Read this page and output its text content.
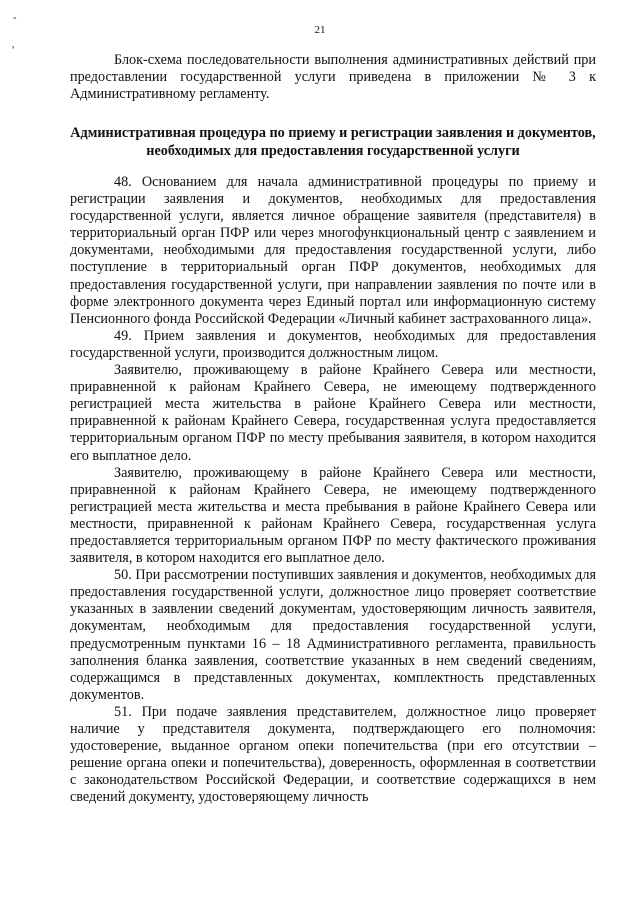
ˇ
‚
21
Блок-схема последовательности выполнения административных действий при предоставлении государственной услуги приведена в приложении № 3 к Административному регламенту.
Административная процедура по приему и регистрации заявления и документов, необходимых для предоставления государственной услуги

48. Основанием для начала административной процедуры по приему и регистрации заявления и документов, необходимых для предоставления государственной услуги, является личное обращение заявителя (представителя) в территориальный орган ПФР или через многофункциональный центр с заявлением и документами, необходимыми для предоставления государственной услуги, либо поступление в территориальный орган ПФР документов, необходимых для предоставления государственной услуги, при направлении заявления по почте или в форме электронного документа через Единый портал или информационную систему Пенсионного фонда Российской Федерации «Личный кабинет застрахованного лица».

49. Прием заявления и документов, необходимых для предоставления государственной услуги, производится должностным лицом.

Заявителю, проживающему в районе Крайнего Севера или местности, приравненной к районам Крайнего Севера, не имеющему подтвержденного регистрацией места жительства в районе Крайнего Севера или местности, приравненной к районам Крайнего Севера, государственная услуга предоставляется территориальным органом ПФР по месту пребывания заявителя, в котором находится его выплатное дело.

Заявителю, проживающему в районе Крайнего Севера или местности, приравненной к районам Крайнего Севера, не имеющему подтвержденного регистрацией места жительства и места пребывания в районе Крайнего Севера или местности, приравненной к районам Крайнего Севера, государственная услуга предоставляется территориальным органом ПФР по месту фактического проживания заявителя, в котором находится его выплатное дело.

50. При рассмотрении поступивших заявления и документов, необходимых для предоставления государственной услуги, должностное лицо проверяет соответствие указанных в заявлении сведений документам, удостоверяющим личность заявителя, документам, необходимым для предоставления государственной услуги, предусмотренным пунктами 16 – 18 Административного регламента, правильность заполнения бланка заявления, соответствие указанных в нем сведений сведениям, содержащимся в представленных документах, комплектность представленных документов.

51. При подаче заявления представителем, должностное лицо проверяет наличие у представителя документа, подтверждающего его полномочия: удостоверение, выданное органом опеки попечительства (при его отсутствии – решение органа опеки и попечительства), доверенность, оформленная в соответствии с законодательством Российской Федерации, и соответствие содержащихся в нем сведений документу, удостоверяющему личность
